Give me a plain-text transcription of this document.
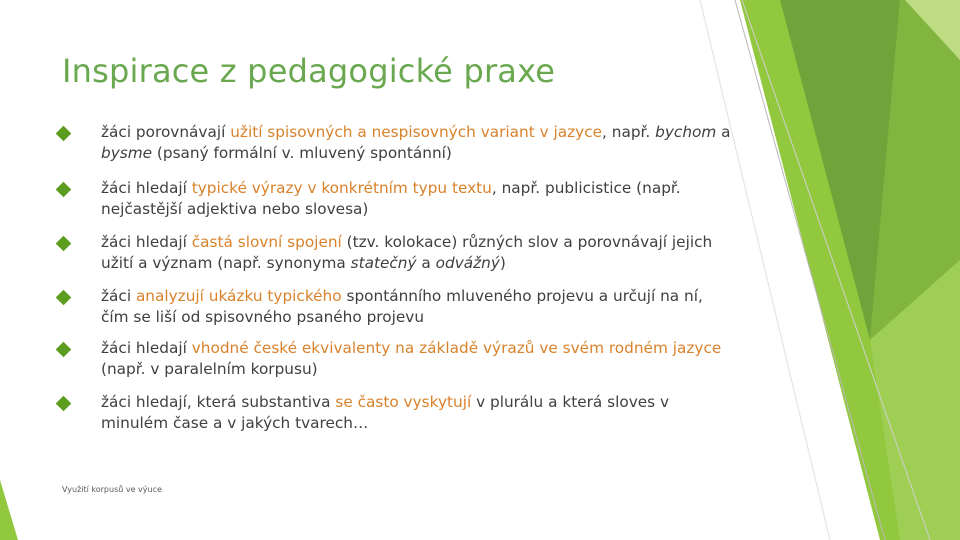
Inspirace z pedagogické praxe
žáci porovnávají užití spisovných a nespisovných variant v jazyce, např. bychom a bysme (psaný formální v. mluvený spontánní)
žáci hledají typické výrazy v konkrétním typu textu, např. publicistice (např. nejčastější adjektiva nebo slovesa)
žáci hledají častá slovní spojení (tzv. kolokace) různých slov a porovnávají jejich užití a význam (např. synonyma statečný a odvážný)
žáci analyzují ukázku typického spontánního mluveného projevu a určují na ní, čím se liší od spisovného psaného projevu
žáci hledají vhodné české ekvivalenty na základě výrazů ve svém rodném jazyce (např. v paralelním korpusu)
žáci hledají, která substantiva se často vyskytují v plurálu a která sloves v minulém čase a v jakých tvarech…
Využití korpusů ve výuce
